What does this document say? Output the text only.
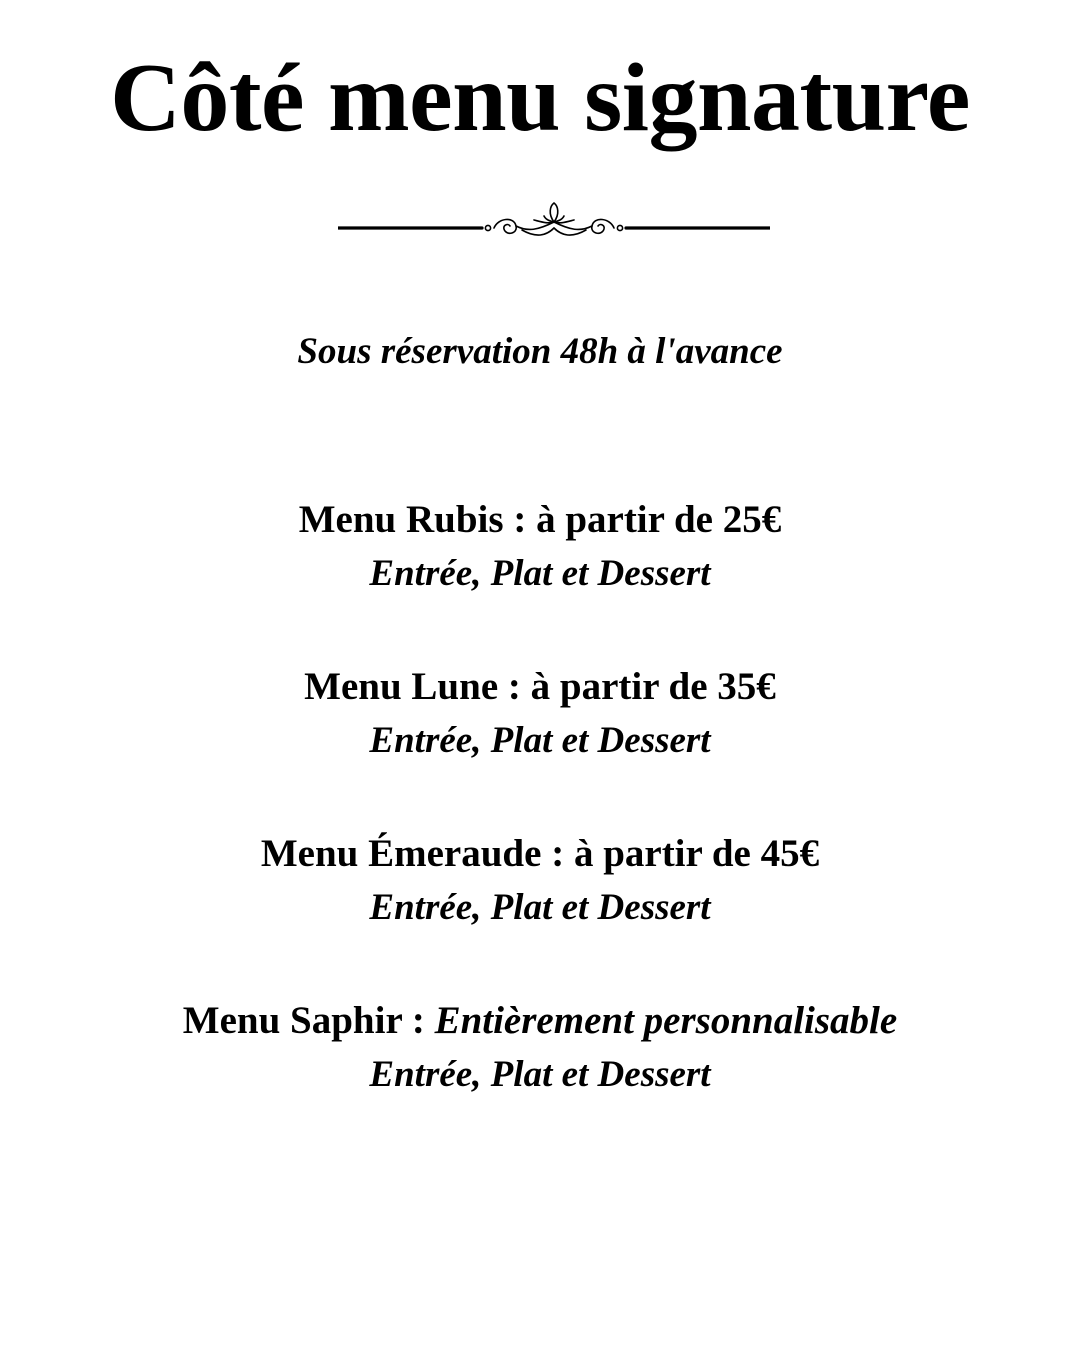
Côté menu signature

Sous réservation 48h à l'avance

Menu Rubis : à partir de 25€
Entrée, Plat et Dessert
Menu Lune : à partir de 35€
Entrée, Plat et Dessert
Menu Émeraude : à partir de 45€
Entrée, Plat et Dessert
Menu Saphir : Entièrement personnalisable
Entrée, Plat et Dessert
